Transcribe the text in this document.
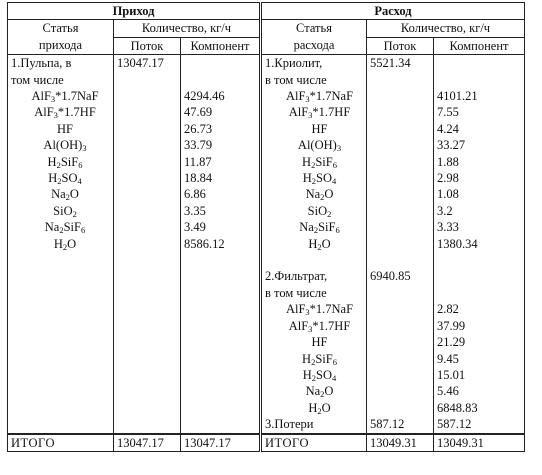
Приход			Расход		
Статья	Количество, кг/ч		Статья	Количество, кг/ч	
прихода	Поток	Компонент	расхода	Поток	Компонент
1.Пульпа, в	13047.17		1.Криолит,	5521.34	
том числе			в том числе		
AlF$_3$*1.7NaF		4294.46	AlF$_3$*1.7NaF		4101.21
AlF$_3$*1.7HF		47.69	AlF$_3$*1.7HF		7.55
HF		26.73	HF		4.24
$Al(OH)_3$		33.79	$Al(OH)_3$		33.27
$H_2SiF_6$		11.87	$H_2SiF_6$		1.88
$H_2SO_4$		18.84	$H_2SO_4$		2.98
$Na_2O$		6.86	$Na_2O$		1.08
SiO$_2$		3.35	SiO$_2$		3.2
$Na_2SiF_6$		3.49	$Na_2SiF_6$		3.33
$H_2O$		8586.12	$H_2O$		1380.34

			2.Фильтрат,	6940.85	
			в том числе		
			AlF$_3$*1.7NaF		2.82
			AlF$_3$*1.7HF		37.99
			HF		21.29
			$H_2SiF_6$		9.45
			$H_2SO_4$		15.01
			$Na_2O$		5.46
			$H_2O$		6848.83
			3.Потери	587.12	587.12
ИТОГО	13047.17	13047.17	ИТОГО	13049.31	13049.31
